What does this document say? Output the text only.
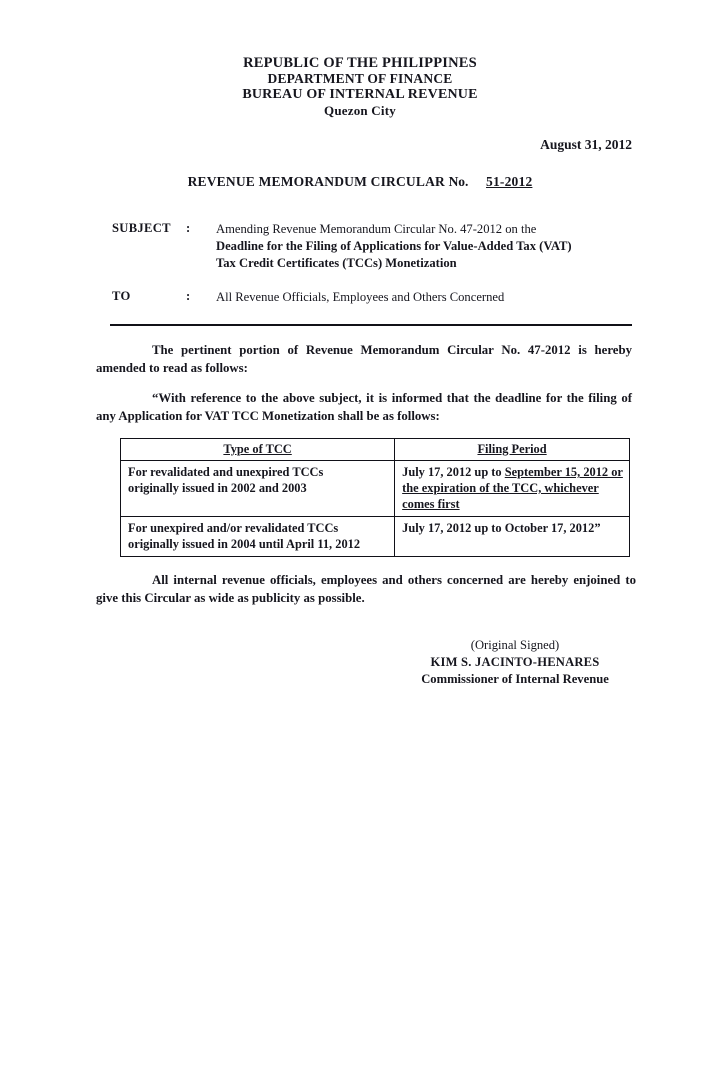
REPUBLIC OF THE PHILIPPINES
DEPARTMENT OF FINANCE
BUREAU OF INTERNAL REVENUE
Quezon City
August 31, 2012
REVENUE MEMORANDUM CIRCULAR No. 51-2012
SUBJECT	:	Amending Revenue Memorandum Circular No. 47-2012 on the
Deadline for the Filing of Applications for Value-Added Tax (VAT)
Tax Credit Certificates (TCCs) Monetization
TO	:	All Revenue Officials, Employees and Others Concerned
The pertinent portion of Revenue Memorandum Circular No. 47-2012 is hereby amended to read as follows:
“With reference to the above subject, it is informed that the deadline for the filing of any Application for VAT TCC Monetization shall be as follows:
Type of TCC	Filing Period
For revalidated and unexpired TCCs
originally issued in 2002 and 2003	July 17, 2012 up to September 15, 2012 or the expiration of the TCC, whichever comes first
For unexpired and/or revalidated TCCs
originally issued in 2004 until April 11, 2012	July 17, 2012 up to October 17, 2012”
All internal revenue officials, employees and others concerned are hereby enjoined to give this Circular as wide as publicity as possible.
(Original Signed)
KIM S. JACINTO-HENARES
Commissioner of Internal Revenue
